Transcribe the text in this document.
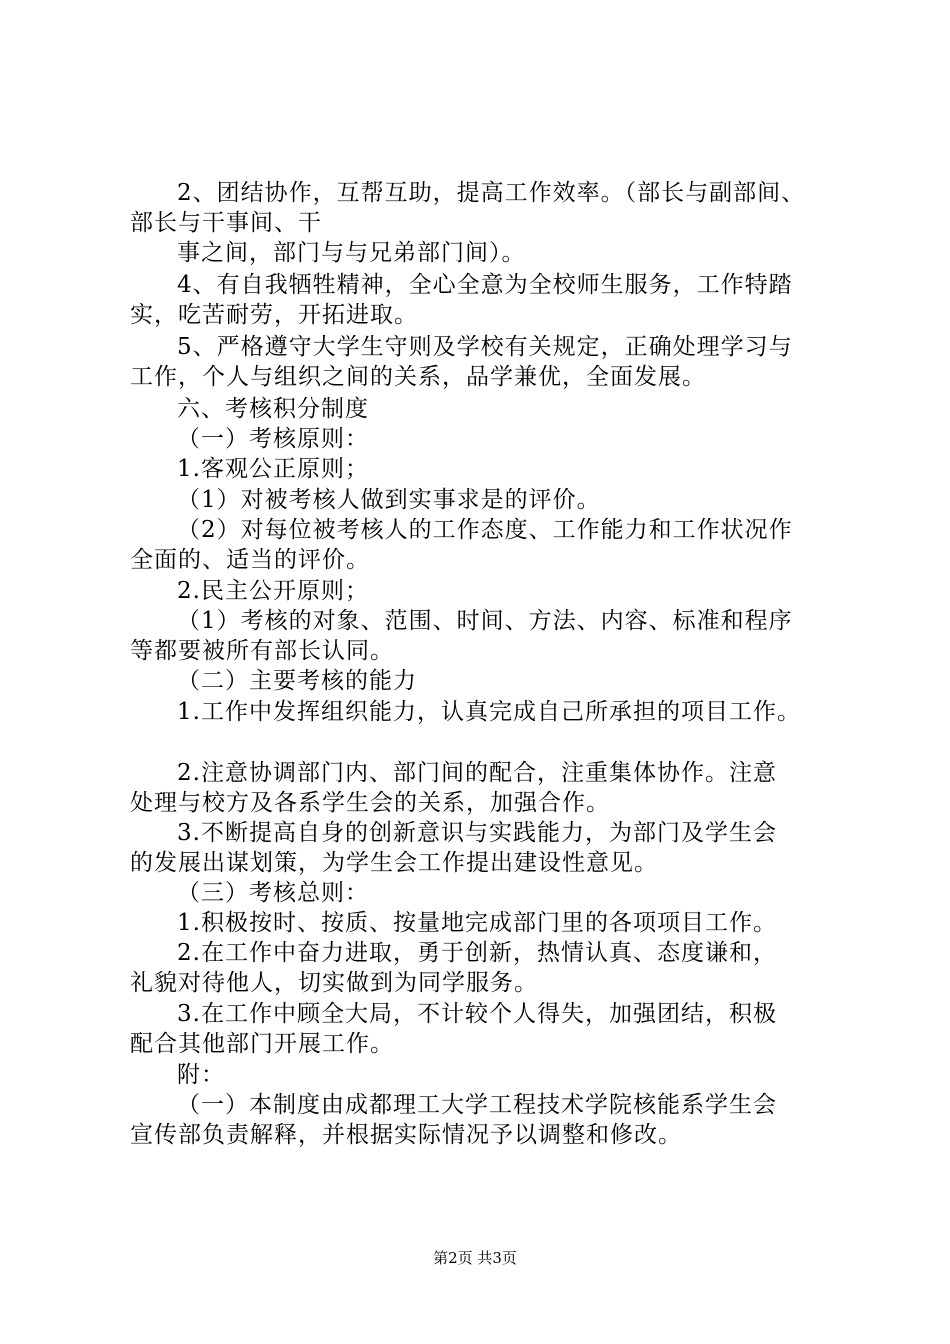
2、团结协作，互帮互助，提高工作效率。（部长与副部间、
部长与干事间、干
事之间，部门与与兄弟部门间）。
4、有自我牺牲精神，全心全意为全校师生服务，工作特踏
实，吃苦耐劳，开拓进取。
5、严格遵守大学生守则及学校有关规定，正确处理学习与
工作，个人与组织之间的关系，品学兼优，全面发展。
六、考核积分制度
（一）考核原则：
1.客观公正原则；
（1）对被考核人做到实事求是的评价。
（2）对每位被考核人的工作态度、工作能力和工作状况作
全面的、适当的评价。
2.民主公开原则；
（1）考核的对象、范围、时间、方法、内容、标准和程序
等都要被所有部长认同。
（二）主要考核的能力
1.工作中发挥组织能力，认真完成自己所承担的项目工作。
2.注意协调部门内、部门间的配合，注重集体协作。注意
处理与校方及各系学生会的关系，加强合作。
3.不断提高自身的创新意识与实践能力，为部门及学生会
的发展出谋划策，为学生会工作提出建设性意见。
（三）考核总则：
1.积极按时、按质、按量地完成部门里的各项项目工作。
2.在工作中奋力进取，勇于创新，热情认真、态度谦和，
礼貌对待他人，切实做到为同学服务。
3.在工作中顾全大局，不计较个人得失，加强团结，积极
配合其他部门开展工作。
附：
（一）本制度由成都理工大学工程技术学院核能系学生会
宣传部负责解释，并根据实际情况予以调整和修改。
第2页 共3页
